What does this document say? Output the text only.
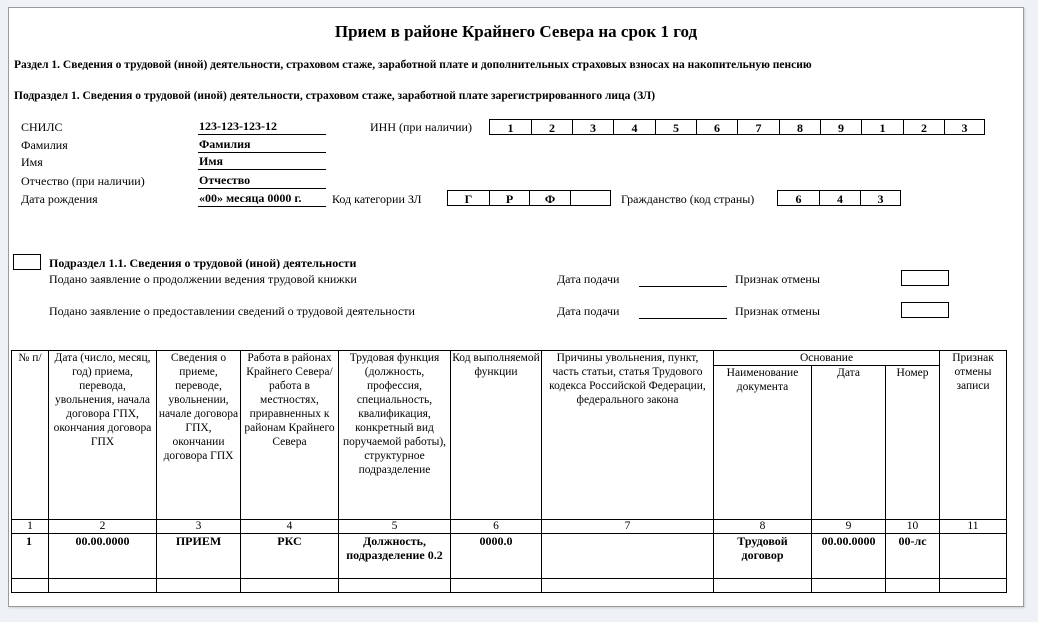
Прием в районе Крайнего Севера на срок 1 год
Раздел 1. Сведения о трудовой (иной) деятельности, страховом стаже, заработной плате и дополнительных страховых взносах на накопительную пенсию
Подраздел 1. Сведения о трудовой (иной) деятельности, страховом стаже, заработной плате зарегистрированного лица (ЗЛ)
СНИЛС	123-123-123-12
Фамилия	Фамилия
Имя	Имя
Отчество (при наличии)	Отчество
Дата рождения	«00» месяца 0000 г.
ИНН (при наличии)	1	2	3	4	5	6	7	8	9	1	2	3
Код категории ЗЛ	Г	Р	Ф	Гражданство (код страны)	6	4	3
Подраздел 1.1. Сведения о трудовой (иной) деятельности
Подано заявление о продолжении ведения трудовой книжки	Дата подачи	Признак отмены
Подано заявление о предоставлении сведений о трудовой деятельности	Дата подачи	Признак отмены
№ п/	Дата (число, месяц, год) приема, перевода, увольнения, начала договора ГПХ, окончания договора ГПХ	Сведения о приеме, переводе, увольнении, начале договора ГПХ, окончании договора ГПХ	Работа в районах Крайнего Севера/работа в местностях, приравненных к районам Крайнего Севера	Трудовая функция (должность, профессия, специальность, квалификация, конкретный вид поручаемой работы), структурное подразделение	Код выполняемой функции	Причины увольнения, пункт, часть статьи, статья Трудового кодекса Российской Федерации, федерального закона	Основание			Признак отмены записи
							Наименование документа	Дата	Номер	
1	2	3	4	5	6	7	8	9	10	11
1	00.00.0000	ПРИЕМ	РКС	Должность, подразделение 0.2	0000.0		Трудовой договор	00.00.0000	00-лс	
